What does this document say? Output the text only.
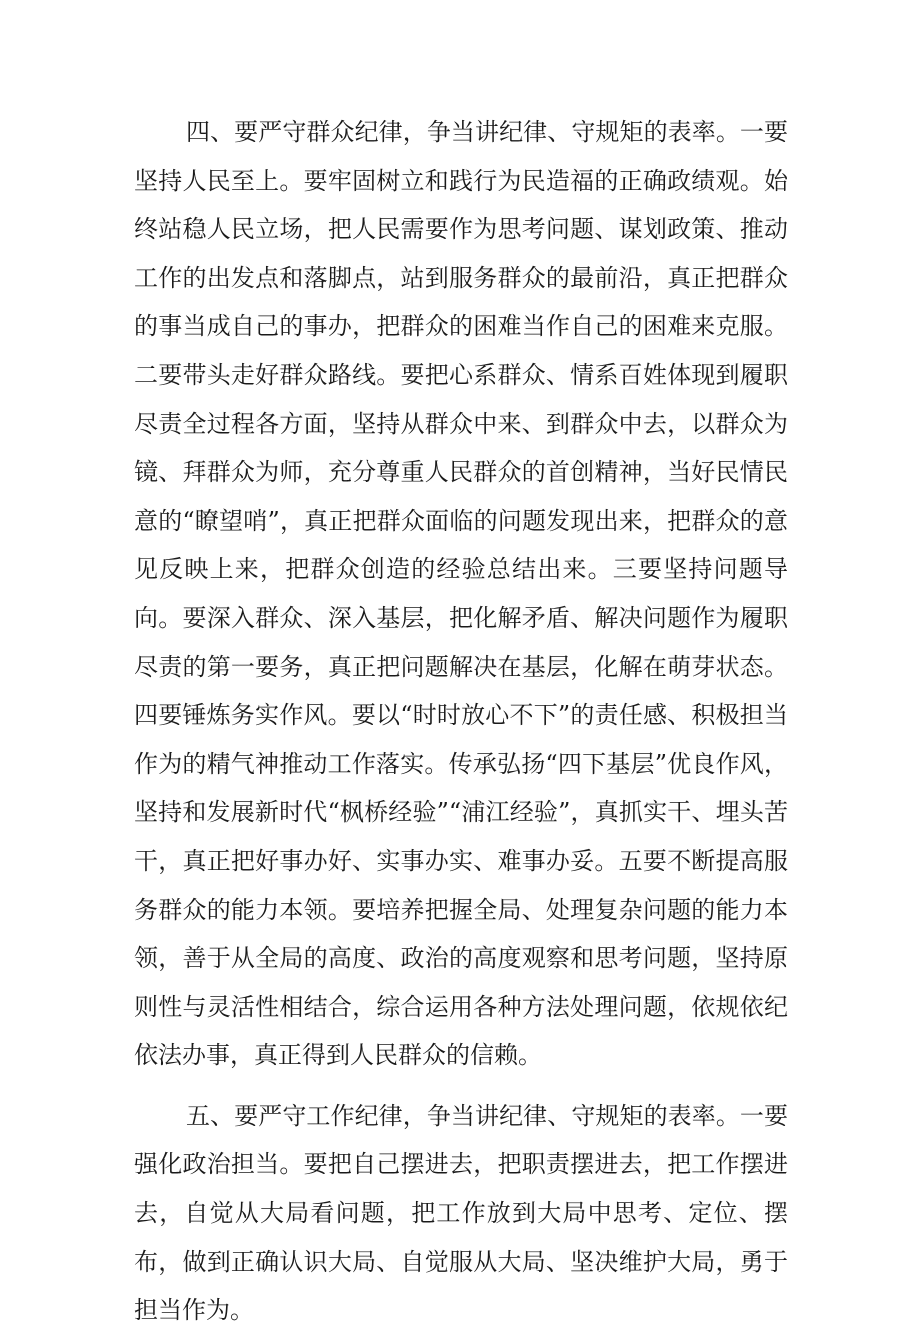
四、要严守群众纪律，争当讲纪律、守规矩的表率。一要坚持人民至上。要牢固树立和践行为民造福的正确政绩观。始终站稳人民立场，把人民需要作为思考问题、谋划政策、推动工作的出发点和落脚点，站到服务群众的最前沿，真正把群众的事当成自己的事办，把群众的困难当作自己的困难来克服。二要带头走好群众路线。要把心系群众、情系百姓体现到履职尽责全过程各方面，坚持从群众中来、到群众中去，以群众为镜、拜群众为师，充分尊重人民群众的首创精神，当好民情民意的“瞭望哨”，真正把群众面临的问题发现出来，把群众的意见反映上来，把群众创造的经验总结出来。三要坚持问题导向。要深入群众、深入基层，把化解矛盾、解决问题作为履职尽责的第一要务，真正把问题解决在基层，化解在萌芽状态。四要锤炼务实作风。要以“时时放心不下”的责任感、积极担当作为的精气神推动工作落实。传承弘扬“四下基层”优良作风，坚持和发展新时代“枫桥经验”“浦江经验”，真抓实干、埋头苦干，真正把好事办好、实事办实、难事办妥。五要不断提高服务群众的能力本领。要培养把握全局、处理复杂问题的能力本领，善于从全局的高度、政治的高度观察和思考问题，坚持原则性与灵活性相结合，综合运用各种方法处理问题，依规依纪依法办事，真正得到人民群众的信赖。

五、要严守工作纪律，争当讲纪律、守规矩的表率。一要强化政治担当。要把自己摆进去，把职责摆进去，把工作摆进去，自觉从大局看问题，把工作放到大局中思考、定位、摆布，做到正确认识大局、自觉服从大局、坚决维护大局，勇于担当作为。
